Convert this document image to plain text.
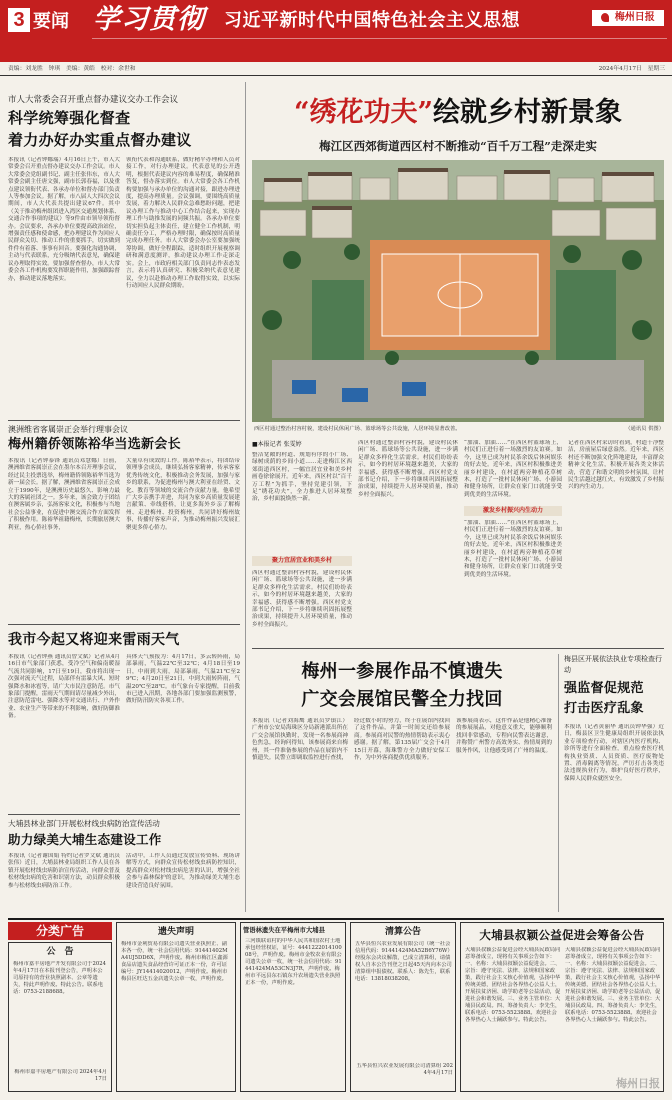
3 要闻 学习贯彻	习近平新时代中国特色社会主义思想	梅州日报
责编：刘龙胜　钟琪　美编：黄皓　校对：余世和	2024年4月17日　星期三
市人大常委会召开重点督办建议交办工作会议
科学统筹强化督查
着力办好办实重点督办建议
本报讯（记者钟娜瑞）4月16日上午，市人大常委会召开重点督办建议交办工作会议。市人大常委会党组副书记、副主任张伟东，市人大常委会副主任唐文强，副市长郭春福，以及重点建议领衔代表、各承办单位和督办部门负责人等参加会议。据了解，市八届人大四次会议期间，市人大代表共提出建议67件。其中（关于推动梅州组团进入湾区交通规划体系、交通合作事项的建议）等9件由市领导领衔督办。会议要求，各承办单位要提高政治站位，增强责任感和使命感，把办理建议作为回应人民群众关切、推动工作的重要抓手，切实做到件件有着落、事事有回音。要强化沟通协调，主动与代表联系，充分吸纳代表意见，确保建议办理取得实效。要加强督查督办，市人大常委会各工作机构要发挥职能作用，加强跟踪督办，推动建议落地落实。
领衔代表和沟通联系，做好精平办理和人员对接工作，对行办理建议。代表意见的公开透明，根据代表建议内容的难易程度，确保精准答复，督办落实到位。市人大常委会各工作机构要加强与承办单位的沟通对接，跟进办理进度，提高办理质量。会议强调，要围绕高质量发展，着力解决人民群众急难愁盼问题，把建议办理工作与推动中心工作结合起来，实现办理工作与助推发展的同频共振。各承办单位要切实担负起主体责任，建立健全工作机制，明确责任分工，严格办理时限，确保按时高质量完成办理任务。市人大常委会办公室要加强统筹协调，做好全程跟踪，适时组织开展视察调研和满意度测评，推动建议办理工作走深走实。会上，市政府相关部门负责同志作表态发言，表示将认真研究、积极采纳代表意见建议，全力以赴推动办理工作取得实效，以实际行动回应人民群众期盼。
澳洲维省客属崇正会举行理事会议
梅州籍侨领陈裕华当选新会长
本报讯（记者钟泰锋 通讯员邓慧娜）日前，澳洲维省客属崇正会在墨尔本召开理事会议，经过民主投票选举，梅州籍侨领陈裕华当选为新一届会长。据了解，澳洲维省客属崇正会成立于1990年，是澳洲历史最悠久、影响力最大的客属社团之一。多年来，该会致力于团结在澳客属乡亲，弘扬客家文化，积极参与当地社会公益事业，在促进中澳交流合作方面发挥了积极作用。陈裕华祖籍梅州，长期旅居澳大利亚，热心侨社事务，
大量卓有成效的工作。陈裕华表示，将团结带领理事会成员，继续弘扬客家精神，传承客家优秀传统文化，积极推动会务发展，加强与家乡的联系，为促进梅州与澳大利亚在经贸、文化、教育等领域的交流合作贡献力量。他希望广大乡亲携手并进，共同为家乡高质量发展建言献策、牵线搭桥，让更多海外乡亲了解梅州、走进梅州、投资梅州，共同讲好梅州故事，传播好客家声音，为推动梅州振兴发展汇聚更多侨心侨力。
我市今起又将迎来雷雨天气
本报讯（记者钟燕 通讯员曾文斌）记者从4月16日市气象部门获悉，受冷空气和偏南暖湿气流共同影响，17日至19日，我市将出现一次强对流天气过程，局部伴有雷暴大风、短时强降水和冰雹等，请广大市民注意防范。市气象部门提醒，雷雨天气期间请尽量减少外出，注意防范雷电、强降水等对交通出行、户外作业、农业生产等带来的不利影响，做好防御准备。
具体天气预报为：4月17日，多云转阵雨，局部暴雨，气温22℃至32℃；4月18日至19日，中雨到大雨，局部暴雨，气温21℃至29℃；4月20日至21日，中到大雨转阵雨，气温20℃至28℃。市气象台专家提醒，目前我市已进入汛期，各地各部门要加强监测预警，做好防汛防灾各项工作。
大埔县林业部门开展松材线虫病防治宣传活动
助力绿美大埔生态建设工作
本报讯（记者谢国娟 特约记者罗文斌 通讯员张伟）近日，大埔县林业局组织工作人员在各镇开展松材线虫病防治宣传活动，向群众普及松材线虫病的危害和识别方法，动员群众积极参与松材线虫病防治工作。
活动中，工作人员通过发放宣传资料、现场讲解等方式，向群众宣传松材线虫病防控知识，提高群众对松材线虫病危害的认识，增强全社会参与森林保护的意识，为推动绿美大埔生态建设营造良好氛围。
“绣花功夫”绘就乡村新景象
梅江区西郊街道西区村不断推动“百千万工程”走深走实
西区村通过整治村容村貌，建设村民休闲广场、篮球场等公共设施，人居环境显著改善。	（通讯员 供图）
■本报记者 张雯婷
整洁宽敞的村道、规划有序的小广场、绿树成荫的乡间小道……走进梅江区西郊街道西区村，一幅宜居宜业和美乡村画卷徐徐展开。近年来，西区村以“百千万工程”为抓手，坚持党建引领，下足“绣花功夫”，全力推进人居环境整治，乡村面貌焕然一新。
聚力宜居宜业和美乡村
西区村通过整治村容村貌，建设村民休闲广场、篮球场等公共设施，进一步满足群众多样化生活需求。村民们纷纷表示，如今的村居环境越来越美，大家的幸福感、获得感不断增强。西区村党支部书记介绍，下一步将继续巩固拓展整治成果，持续提升人居环境质量，推动乡村全面振兴。
西区村通过整治村容村貌，建设村民休闲广场、篮球场等公共设施，进一步满足群众多样化生活需求。村民们纷纷表示，如今的村居环境越来越美，大家的幸福感、获得感不断增强。西区村党支部书记介绍，下一步将继续巩固拓展整治成果，持续提升人居环境质量，推动乡村全面振兴。
激发乡村振兴内生动力
“加油、加油……”在西区村篮球场上，村民们正进行着一场激烈的友谊赛。如今，这里已成为村民茶余饭后休闲娱乐的好去处。近年来，西区村积极推进美丽乡村建设，在村道两旁种植花草树木，打造了一批村民休闲广场、小游园和健身场所，让群众在家门口就能享受到优美的生活环境。
“加油、加油……”在西区村篮球场上，村民们正进行着一场激烈的友谊赛。如今，这里已成为村民茶余饭后休闲娱乐的好去处。近年来，西区村积极推进美丽乡村建设，在村道两旁种植花草树木，打造了一批村民休闲广场、小游园和健身场所，让群众在家门口就能享受到优美的生活环境。
记者在西区村采访时看到，村道干净整洁，房前屋后绿意盎然。近年来，西区村还不断加强文化阵地建设，丰富群众精神文化生活，积极开展各类文体活动，营造了和谐文明的乡村氛围，让村民生活越过越红火，有效激发了乡村振兴的内生动力。
梅州一参展作品不慎遗失
广交会展馆民警全力找回
本报讯（记者刘海鹰 通讯员罗镇江）广州市公安局海珠区分局新港派出所在广交会展馆执勤时，发现一名参展商神色焦急，经询问得知，该参展商来自梅州，其一件准备参展的作品在展馆内不慎遗失。民警立即调取监控进行查找，
经过数小时的努力，终于在展馆内找回了这件作品，并第一时间交还给参展商。参展商对民警的热情帮助表示衷心感谢。据了解，第135届广交会于4月15日开幕，海珠警方全力做好安保工作，为中外客商提供优质服务。
该参展商表示，这件作品是他精心准备的参展展品，对他意义重大，能够顺利找回非常感动，专程向民警表达谢意，并称赞广州警方高效务实、热情周到的服务作风，让他感受到了广州的温度。
梅县区开展依法执业专项检查行动
强监督促规范
打击医疗乱象
本报讯（记者黄丽华 通讯员钟华强）近日，梅县区卫生健康局组织开展依法执业专项检查行动，对辖区内医疗机构、诊所等进行全面检查，重点检查医疗机构执业资质、人员资质、医疗废物处置、消毒隔离等情况，严厉打击各类违法违规执业行为，维护良好医疗秩序，保障人民群众就医安全。
分类广告
公　告
梅州市嘉丰房地产开发有限公司于2024年4月17日在本报刊登公告，声明本公司原持有的营业执照副本、公章等遗失，特此声明作废。特此公告。联系电话：0753-2188688。
梅州市嘉丰房地产有限公司 2024年4月17日
遗失声明
梅州市金利贸易有限公司遗失营业执照正、副本各一份，统一社会信用代码：91441402MA4UJ5DD6X，声明作废。梅州市梅江区鑫源食品店遗失食品经营许可证正本一份，许可证编号：JY14414020012，声明作废。梅州市梅县区旺达五金店遗失公章一枚，声明作废。
管语林遗失在平梅州市大埔县
三河镇联谊村的中华人民共和国农村土地承包经营权证，证号：444122201410008号，声明作废。梅州市金牧农业有限公司遗失公章一枚，统一社会信用代码：91441424MA53CN3J7R，声明作废。梅州市平远县东石镇东升农场遗失营业执照正本一份，声明作废。
清算公告
五华县恒兴农业发展有限公司（统一社会信用代码：91441424MA52B6Y76W）经股东会决议解散，已成立清算组，请债权人自本公告刊登之日起45天内向本公司清算组申报债权。联系人：陈先生，联系电话：13818038208。
五华县恒兴农业发展有限公司清算组 2024年4月17日
大埔县叔颖公益促进会筹备公告
大埔县叔颖公益促进会经大埔县民政局同意筹备成立，现将有关事项公告如下：一、名称：大埔县叔颖公益促进会。二、宗旨：遵守宪法、法律、法规和国家政策，践行社会主义核心价值观，弘扬中华传统美德，团结社会各界热心公益人士，开展扶贫济困、助学助老等公益活动，促进社会和谐发展。三、业务主管单位：大埔县民政局。四、筹备负责人：李先生，联系电话：0753-5523888。欢迎社会各界热心人士踊跃参与。特此公告。
大埔县叔颖公益促进会经大埔县民政局同意筹备成立，现将有关事项公告如下：一、名称：大埔县叔颖公益促进会。二、宗旨：遵守宪法、法律、法规和国家政策，践行社会主义核心价值观，弘扬中华传统美德，团结社会各界热心公益人士，开展扶贫济困、助学助老等公益活动，促进社会和谐发展。三、业务主管单位：大埔县民政局。四、筹备负责人：李先生，联系电话：0753-5523888。欢迎社会各界热心人士踊跃参与。特此公告。
梅州日报
